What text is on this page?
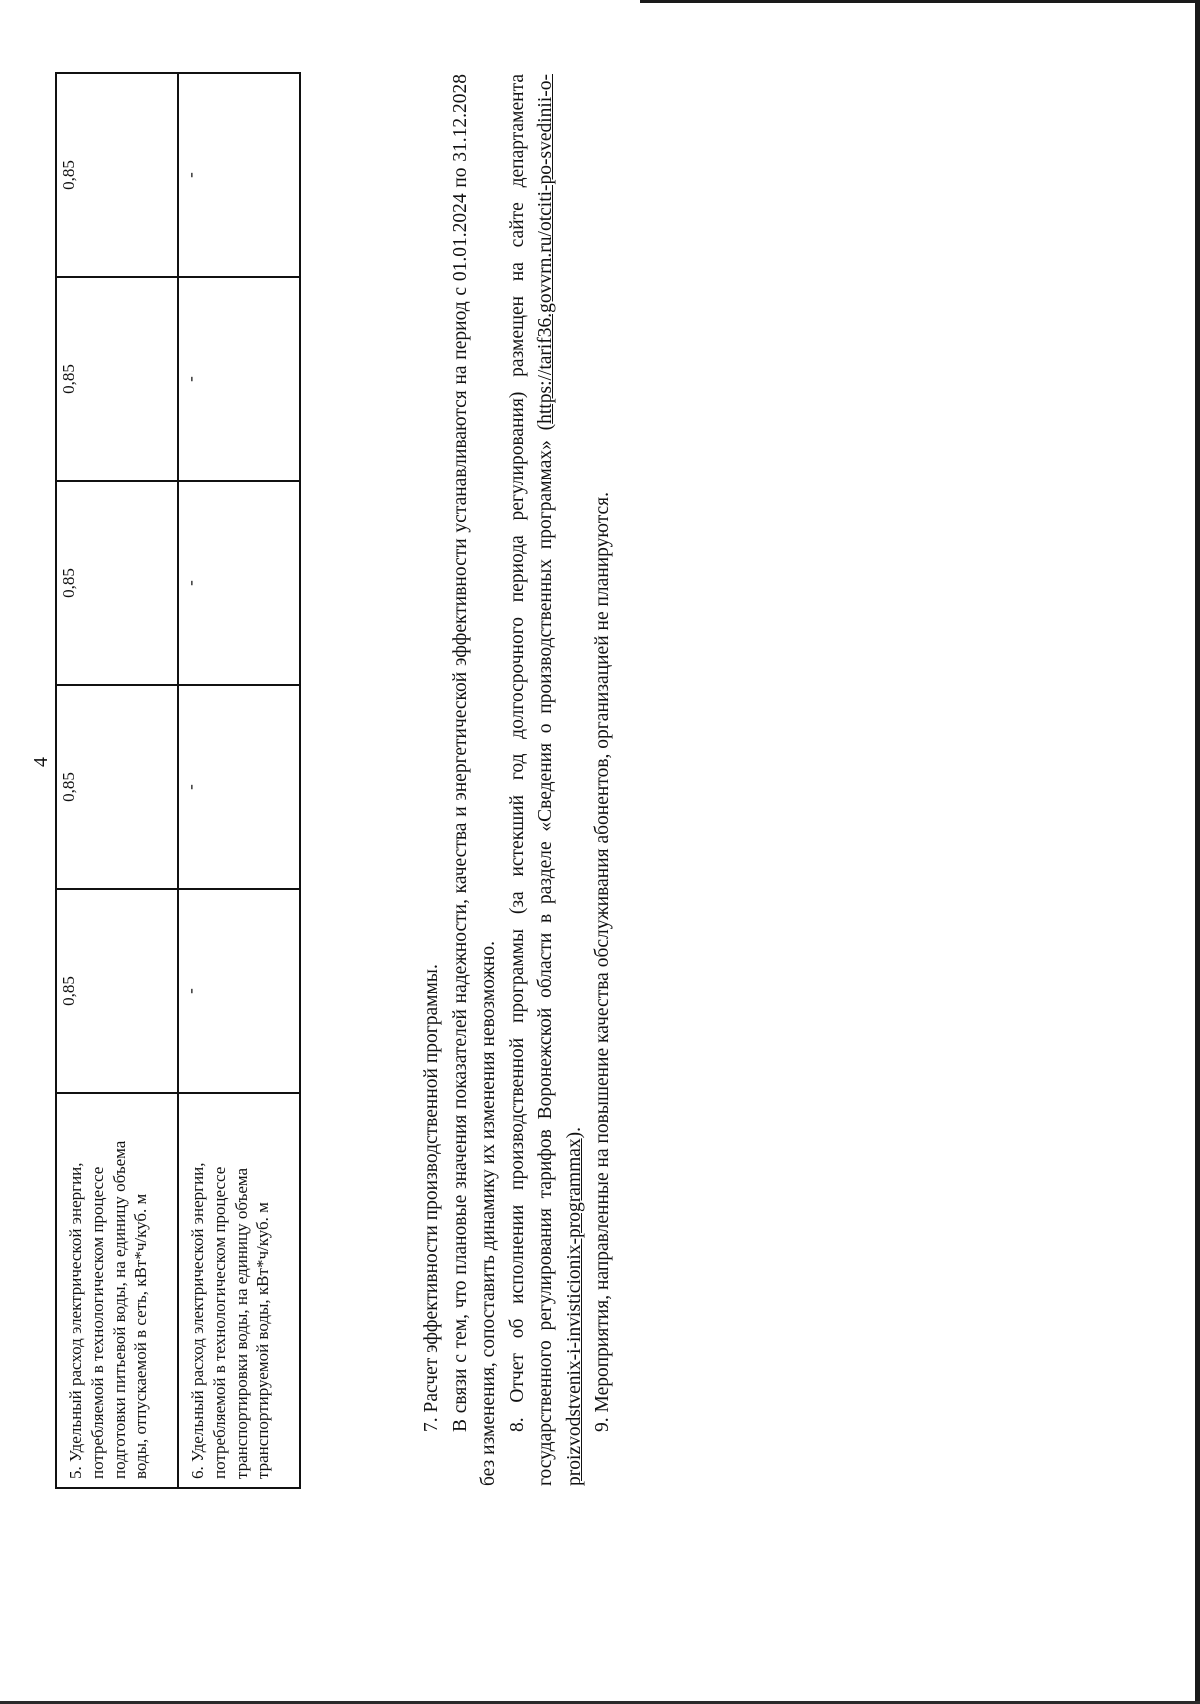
4
5. Удельный расход электрической энергии, потребляемой в технологическом процессе подготовки питьевой воды, на единицу объема воды, отпускаемой в сеть, кВт*ч/куб. м	0,85	0,85	0,85	0,85	0,85
6. Удельный расход электрической энергии, потребляемой в технологическом процессе транспортировки воды, на единицу объема транспортируемой воды, кВт*ч/куб. м	-	-	-	-	-

7. Расчет эффективности производственной программы. В связи с тем, что плановые значения показателей надежности, качества и энергетической эффективности устанавливаются на период с 01.01.2024 по 31.12.2028 без изменения, сопоставить динамику их изменения невозможно. 8. Отчет об исполнении производственной программы (за истекший год долгосрочного периода регулирования) размещен на сайте департамента государственного регулирования тарифов Воронежской области в разделе «Сведения о производственных программах» (https://tarif36.govvrn.ru/otciti-po-svedinii-o-proizvodstvenix-i-invisticionix-programmax). 9. Мероприятия, направленные на повышение качества обслуживания абонентов, организацией не планируются.
